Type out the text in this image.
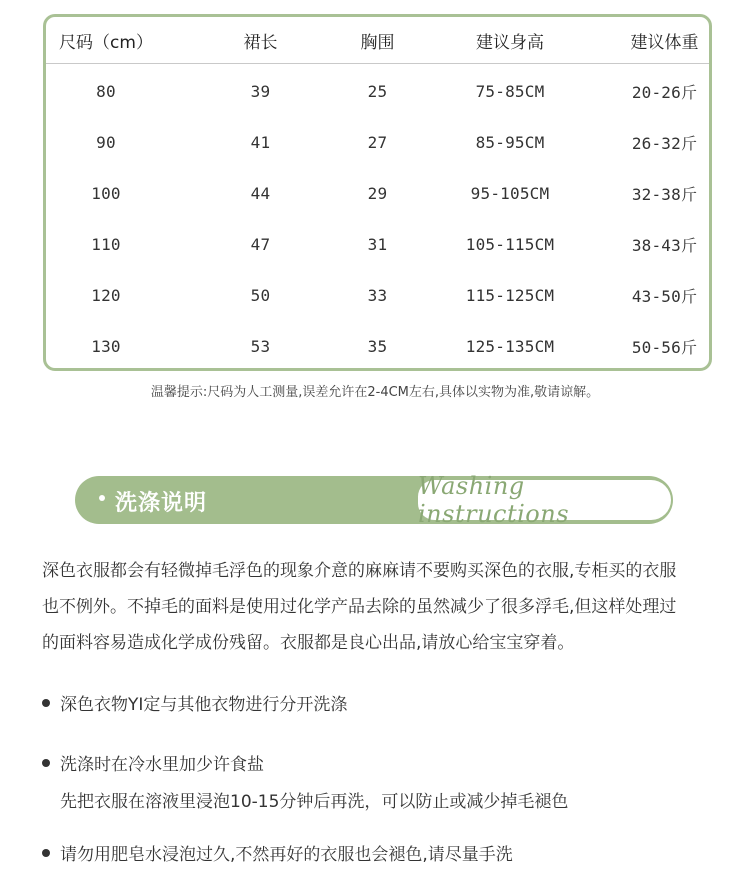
尺码（cm）	裙长	胸围	建议身高	建议体重
80	39	25	75-85CM	20-26斤
90	41	27	85-95CM	26-32斤
100	44	29	95-105CM	32-38斤
110	47	31	105-115CM	38-43斤
120	50	33	115-125CM	43-50斤
130	53	35	125-135CM	50-56斤
温馨提示:尺码为人工测量,误差允许在2-4CM左右,具体以实物为准,敬请谅解。
洗涤说明
Washing instructions
深色衣服都会有轻微掉毛浮色的现象介意的麻麻请不要购买深色的衣服,专柜买的衣服
也不例外。不掉毛的面料是使用过化学产品去除的虽然减少了很多浮毛,但这样处理过
的面料容易造成化学成份残留。衣服都是良心出品,请放心给宝宝穿着。
深色衣物YI定与其他衣物进行分开洗涤
洗涤时在冷水里加少许食盐
先把衣服在溶液里浸泡10-15分钟后再洗，可以防止或减少掉毛褪色
请勿用肥皂水浸泡过久,不然再好的衣服也会褪色,请尽量手洗
